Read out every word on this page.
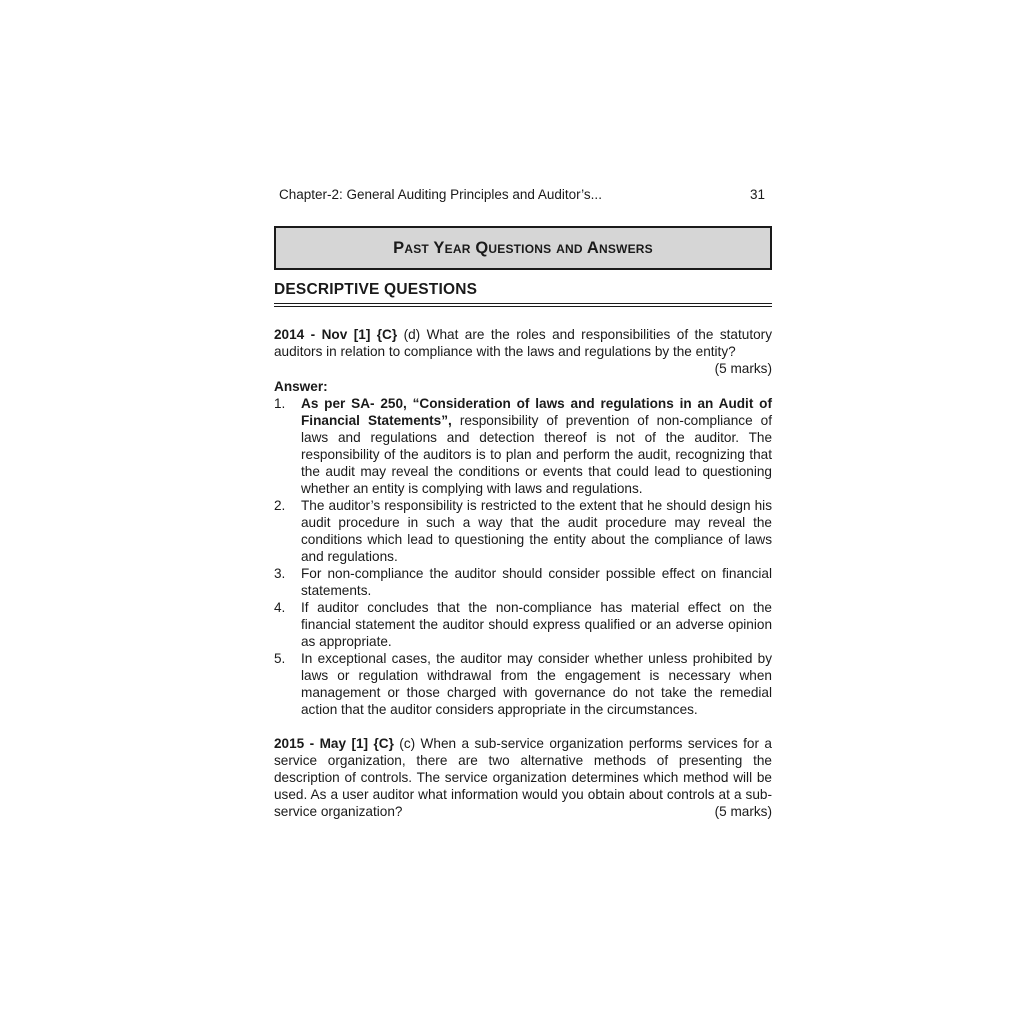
Chapter-2: General Auditing Principles and Auditor’s...	31
Past Year Questions and Answers
DESCRIPTIVE QUESTIONS
2014 - Nov [1] {C} (d) What are the roles and responsibilities of the statutory auditors in relation to compliance with the laws and regulations by the entity?
(5 marks)
Answer:
1.	As per SA- 250, “Consideration of laws and regulations in an Audit of Financial Statements”, responsibility of prevention of non-compliance of laws and regulations and detection thereof is not of the auditor. The responsibility of the auditors is to plan and perform the audit, recognizing that the audit may reveal the conditions or events that could lead to questioning whether an entity is complying with laws and regulations.
2.	The auditor’s responsibility is restricted to the extent that he should design his audit procedure in such a way that the audit procedure may reveal the conditions which lead to questioning the entity about the compliance of laws and regulations.
3.	For non-compliance the auditor should consider possible effect on financial statements.
4.	If auditor concludes that the non-compliance has material effect on the financial statement the auditor should express qualified or an adverse opinion as appropriate.
5.	In exceptional cases, the auditor may consider whether unless prohibited by laws or regulation withdrawal from the engagement is necessary when management or those charged with governance do not take the remedial action that the auditor considers appropriate in the circumstances.
2015 - May [1] {C} (c) When a sub-service organization performs services for a service organization, there are two alternative methods of presenting the description of controls. The service organization determines which method will be used. As a user auditor what information would you obtain about controls at a sub-service organization?	(5 marks)
